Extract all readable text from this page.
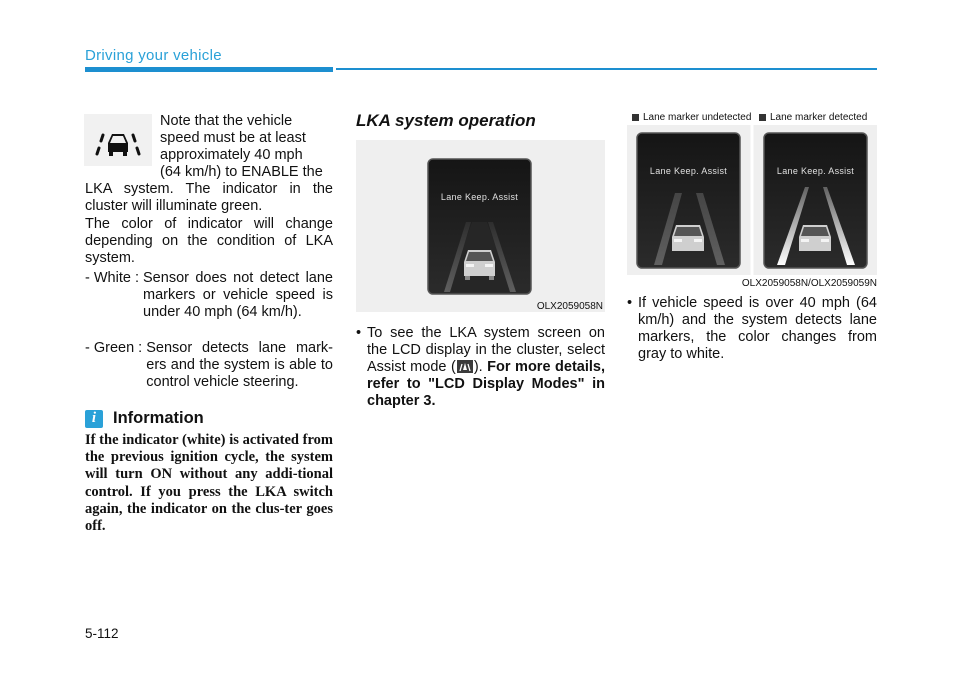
Driving your vehicle
Note that the vehicle
speed must be at least
approximately 40 mph
(64 km/h) to ENABLE the
LKA system. The indicator in the cluster will illuminate green.
The color of indicator will change depending on the condition of LKA system.
- White : Sensor does not detect lane markers or vehicle speed is under 40 mph (64 km/h).
- Green : Sensor detects lane mark-ers and the system is able to control vehicle steering.
i	Information
If the indicator (white) is activated from the previous ignition cycle, the system will turn ON without any addi-tional control. If you press the LKA switch again, the indicator on the clus-ter goes off.
LKA system operation
Lane Keep. Assist
OLX2059058N
• To see the LKA system screen on the LCD display in the cluster, select Assist mode ( ). For more details, refer to "LCD Display Modes" in chapter 3.
Lane marker undetected Lane marker detected
Lane Keep. Assist	Lane Keep. Assist
OLX2059058N/OLX2059059N
• If vehicle speed is over 40 mph (64 km/h) and the system detects lane markers, the color changes from gray to white.
5-112
